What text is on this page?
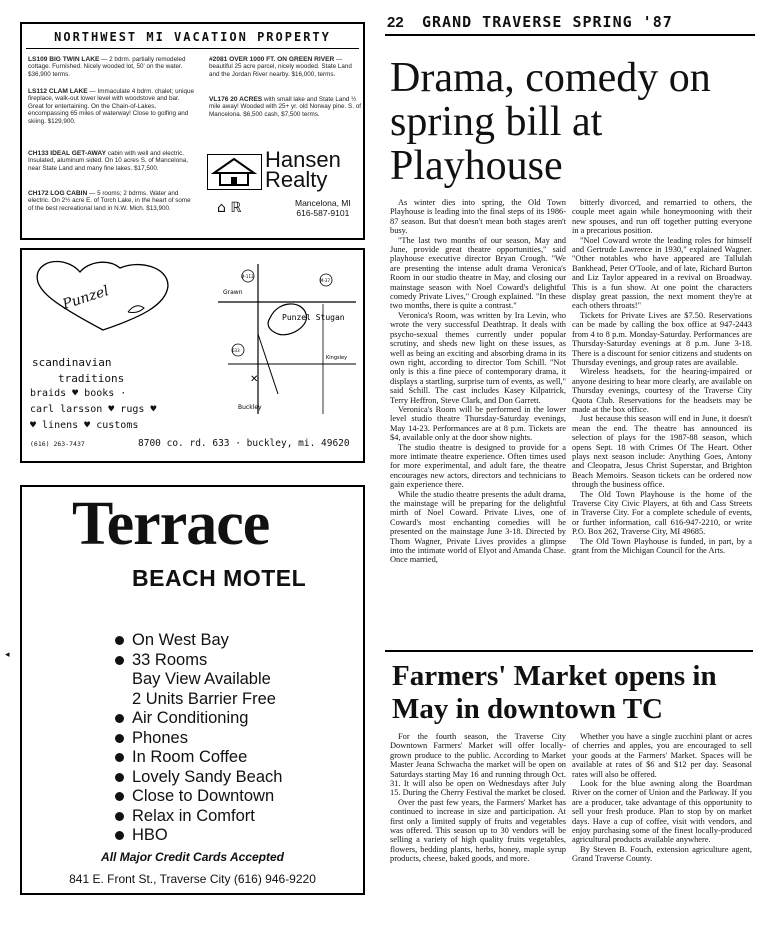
NORTHWEST MI VACATION PROPERTY
LS109 BIG TWIN LAKE — 2 bdrm. partially remodeled cottage. Furnished. Nicely wooded lot, 50' on the water. $36,900 terms.
LS112 CLAM LAKE — Immaculate 4 bdrm. chalet; unique fireplace, walk-out lower level with woodstove and bar. Great for entertaining. On the Chain-of-Lakes, encompassing 65 miles of waterway! Close to golfing and skiing. $129,900.
CH133 IDEAL GET-AWAY cabin with well and electric. Insulated, aluminum sided. On 10 acres S. of Mancelona, near State Land and many fine lakes. $17,500.
CH172 LOG CABIN — 5 rooms; 2 bdrms. Water and electric. On 2½ acre E. of Torch Lake, in the heart of some of the best recreational land in N.W. Mich. $13,900.
#2081 OVER 1000 FT. ON GREEN RIVER — beautiful 25 acre parcel, nicely wooded. State Land and the Jordan River nearby. $16,000, terms.
VL176 20 ACRES with small lake and State Land ½ mile away! Wooded with 25+ yr. old Norway pine. S. of Mancelona. $6,500 cash, $7,500 terms.
Hansen Realty
⌂ ℝ	Mancelona, MI
616-587-9101
Punzel
scandinavian
traditions
braids ♥ books ·
carl larsson ♥ rugs ♥
♥ linens ♥ customs
(616) 263-7437	8700 co. rd. 633 · buckley, mi. 49620
Punzel Stugan
Grawn
Kingsley
Buckley
M-113
M-37
633
✕
Terrace
BEACH MOTEL
On West Bay
33 Rooms
Bay View Available
2 Units Barrier Free
Air Conditioning
Phones
In Room Coffee
Lovely Sandy Beach
Close to Downtown
Relax in Comfort
HBO
All Major Credit Cards Accepted
841 E. Front St., Traverse City (616) 946-9220
◂
22 GRAND TRAVERSE SPRING '87
Drama, comedy on spring bill at Playhouse

As winter dies into spring, the Old Town Playhouse is leading into the final steps of its 1986-87 season. But that doesn't mean both stages aren't busy.

"The last two months of our season, May and June, provide great theatre opportunities," said playhouse executive director Bryan Crough. "We are presenting the intense adult drama Veronica's Room in our studio theatre in May, and closing our mainstage season with Noel Coward's delightful comedy Private Lives," Crough explained. "In these two months, there is quite a contrast."

Veronica's Room, was written by Ira Levin, who wrote the very successful Deathtrap. It deals with psycho-sexual themes currently under popular scrutiny, and sheds new light on these issues, as well as being an exciting and absorbing drama in its own right, according to director Tom Schill. "Not only is this a fine piece of contemporary drama, it displays a startling, surprise turn of events, as well," said Schill. The cast includes Kasey Kilpatrick, Terry Heffron, Steve Clark, and Don Garrett.

Veronica's Room will be performed in the lower level studio theatre Thursday-Saturday evenings, May 14-23. Performances are at 8 p.m. Tickets are $4, available only at the door show nights.

The studio theatre is designed to provide for a more intimate theatre experience. Often times used for more experimental, and adult fare, the theatre encourages new actors, directors and technicians to gain experience there.

While the studio theatre presents the adult drama, the mainstage will be preparing for the delightful mirth of Noel Coward. Private Lives, one of Coward's most enchanting comedies will be presented on the mainstage June 3-18. Directed by Thom Wagner, Private Lives provides a glimpse into the intimate world of Elyot and Amanda Chase. Once married,

bitterly divorced, and remarried to others, the couple meet again while honeymooning with their new spouses, and run off together putting everyone in a precarious position.

"Noel Coward wrote the leading roles for himself and Gertrude Lawrence in 1930," explained Wagner. "Other notables who have appeared are Tallulah Bankhead, Peter O'Toole, and of late, Richard Burton and Liz Taylor appeared in a revival on Broadway. This is a fun show. At one point the characters display great passion, the next moment they're at each others throats!"

Tickets for Private Lives are $7.50. Reservations can be made by calling the box office at 947-2443 from 4 to 8 p.m. Monday-Saturday. Performances are Thursday-Saturday evenings at 8 p.m. June 3-18. There is a discount for senior citizens and students on Thursday evenings, and group rates are available.

Wireless headsets, for the hearing-impaired or anyone desiring to hear more clearly, are available on Thursday evenings, courtesy of the Traverse City Quota Club. Reservations for the headsets may be made at the box office.

Just because this season will end in June, it doesn't mean the end. The theatre has announced its selection of plays for the 1987-88 season, which opens Sept. 18 with Crimes Of The Heart. Other plays next season include: Anything Goes, Antony and Cleopatra, Jesus Christ Superstar, and Brighton Beach Memoirs. Season tickets can be ordered now through the business office.

The Old Town Playhouse is the home of the Traverse City Civic Players, at 6th and Cass Streets in Traverse City. For a complete schedule of events, or further information, call 616-947-2210, or write P.O. Box 262, Traverse City, MI 49685.

The Old Town Playhouse is funded, in part, by a grant from the Michigan Council for the Arts.

Farmers' Market opens in May in downtown TC

For the fourth season, the Traverse City Downtown Farmers' Market will offer locally-grown produce to the public. According to Market Master Jeana Schwacha the market will be open on Saturdays starting May 16 and running through Oct. 31. It will also be open on Wednesdays after July 15. During the Cherry Festival the market be closed.

Over the past few years, the Farmers' Market has continued to increase in size and participation. At first only a limited supply of fruits and vegetables was offered. This season up to 30 vendors will be selling a variety of high quality fruits vegetables, flowers, bedding plants, herbs, honey, maple syrup products, cheese, baked goods, and more.

Whether you have a single zucchini plant or acres of cherries and apples, you are encouraged to sell your goods at the Farmers' Market. Spaces will be available at rates of $6 and $12 per day. Seasonal rates will also be offered.

Look for the blue awning along the Boardman River on the corner of Union and the Parkway. If you are a producer, take advantage of this opportunity to sell your fresh produce. Plan to stop by on market days. Have a cup of coffee, visit with vendors, and enjoy purchasing some of the finest locally-produced agricultural products available anywhere.

By Steven B. Fouch, extension agriculture agent, Grand Traverse County.
